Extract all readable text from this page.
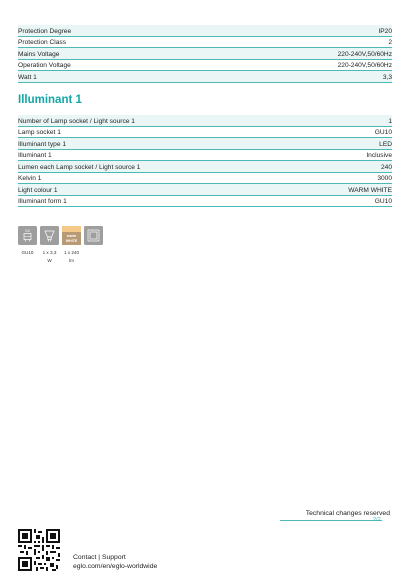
Protection Degree	IP20
Protection Class	2
Mains Voltage	220-240V,50/60Hz
Operation Voltage	220-240V,50/60Hz
Watt 1	3,3
Illuminant 1
Number of Lamp socket / Light source 1	1
Lamp socket 1	GU10
Illuminant type 1	LED
Illuminant 1	Inclusive
Lumen each Lamp socket / Light source 1	240
Kelvin 1	3000
Light colour 1	WARM WHITE
Illuminant form 1	GU10
GU
warm
WHITE
GU10	1 x 3,3 W
1 x 240 lm
Technical changes reserved
2/2
Contact | Support
eglo.com/en/eglo-worldwide
